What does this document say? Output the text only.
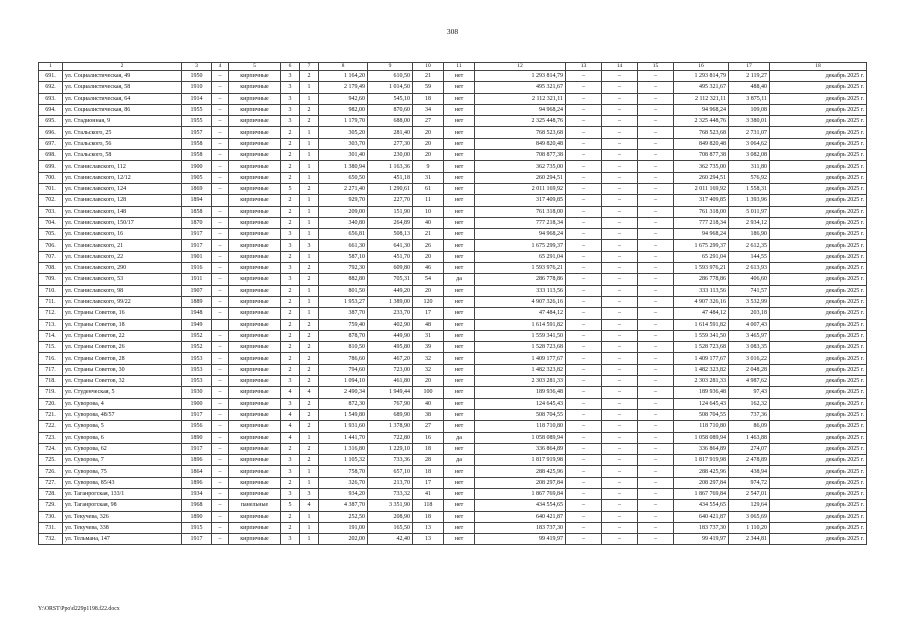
308
1	2	3	4	5	6	7	8	9	10	11	12	13	14	15	16	17	18
691.	ул. Социалистическая, 49	1950	–	кирпичные	3	2	1 164,20	610,50	21	нет	1 293 814,79	–	–	–	1 293 814,79	2 119,27	декабрь 2025 г.
692.	ул. Социалистическая, 58	1910	–	кирпичные	3	1	2 179,49	1 014,50	59	нет	495 321,67	–	–	–	495 321,67	488,40	декабрь 2025 г.
693.	ул. Социалистическая, 64	1914	–	кирпичные	3	1	942,60	545,10	18	нет	2 112 321,11	–	–	–	2 112 321,11	3 875,11	декабрь 2025 г.
694.	ул. Социалистическая, 86	1955	–	кирпичные	3	2	982,00	870,60	34	нет	94 968,24	–	–	–	94 968,24	109,08	декабрь 2025 г.
695.	ул. Стадионная, 9	1955	–	кирпичные	3	2	1 179,70	688,00	27	нет	2 325 448,76	–	–	–	2 325 448,76	3 380,01	декабрь 2025 г.
696.	ул. Стальского, 25	1957	–	кирпичные	2	1	305,20	281,40	20	нет	768 523,68	–	–	–	768 523,68	2 731,07	декабрь 2025 г.
697.	ул. Стальского, 56	1958	–	кирпичные	2	1	303,70	277,30	20	нет	849 820,48	–	–	–	849 820,48	3 064,62	декабрь 2025 г.
698.	ул. Стальского, 58	1958	–	кирпичные	2	1	301,40	230,00	20	нет	708 877,38	–	–	–	708 877,38	3 082,08	декабрь 2025 г.
699.	ул. Станиславского, 112	1900	–	кирпичные	2	1	1 380,94	1 163,36	9	нет	362 735,00	–	–	–	362 735,00	311,80	декабрь 2025 г.
700.	ул. Станиславского, 12/12	1905	–	кирпичные	2	1	650,50	451,18	31	нет	260 294,51	–	–	–	260 294,51	576,92	декабрь 2025 г.
701.	ул. Станиславского, 124	1869	–	кирпичные	5	2	2 271,40	1 290,61	61	нет	2 011 169,92	–	–	–	2 011 169,92	1 558,31	декабрь 2025 г.
702.	ул. Станиславского, 128	1894		кирпичные	2	1	929,70	227,70	11	нет	317 409,85	–	–	–	317 409,85	1 393,96	декабрь 2025 г.
703.	ул. Станиславского, 148	1858	–	кирпичные	2	1	209,00	151,90	10	нет	761 318,00	–	–	–	761 318,00	5 011,97	декабрь 2025 г.
704.	ул. Станиславского, 150/17	1870	–	кирпичные	2	1	340,80	264,89	40	нет	777 218,34	–	–	–	777 218,34	2 934,12	декабрь 2025 г.
705.	ул. Станиславского, 16	1917	–	кирпичные	3	1	656,81	508,13	21	нет	94 968,24	–	–	–	94 968,24	186,90	декабрь 2025 г.
706.	ул. Станиславского, 21	1917	–	кирпичные	3	3	661,30	641,30	26	нет	1 675 299,37	–	–	–	1 675 299,37	2 612,35	декабрь 2025 г.
707.	ул. Станиславского, 22	1901	–	кирпичные	2	1	587,10	451,70	20	нет	65 291,04	–	–	–	65 291,04	144,55	декабрь 2025 г.
708.	ул. Станиславского, 290	1916	–	кирпичные	3	2	792,30	609,80	46	нет	1 593 976,21	–	–	–	1 593 976,21	2 613,93	декабрь 2025 г.
709.	ул. Станиславского, 53	1911	–	кирпичные	3	2	882,80	705,31	54	да	286 778,86	–	–	–	286 778,86	406,60	декабрь 2025 г.
710.	ул. Станиславского, 98	1907	–	кирпичные	2	1	801,50	449,20	20	нет	333 113,56	–	–	–	333 113,56	741,57	декабрь 2025 г.
711.	ул. Станиславского, 99/22	1889	–	кирпичные	2	1	1 953,27	1 389,00	120	нет	4 907 326,16	–	–	–	4 907 326,16	3 532,99	декабрь 2025 г.
712.	ул. Страны Советов, 16	1948	–	кирпичные	2	1	387,70	233,70	17	нет	47 484,12	–	–	–	47 484,12	203,18	декабрь 2025 г.
713.	ул. Страны Советов, 18	1949		кирпичные	2	2	759,40	402,90	48	нет	1 614 591,82	–	–	–	1 614 591,82	4 007,43	декабрь 2025 г.
714.	ул. Страны Советов, 22	1952	–	кирпичные	2	2	878,70	449,90	31	нет	1 559 341,50	–	–	–	1 559 341,50	3 465,97	декабрь 2025 г.
715.	ул. Страны Советов, 26	1952	–	кирпичные	2	2	810,50	495,80	39	нет	1 528 723,68	–	–	–	1 528 723,68	3 083,35	декабрь 2025 г.
716.	ул. Страны Советов, 28	1953	–	кирпичные	2	2	786,60	467,20	32	нет	1 409 177,67	–	–	–	1 409 177,67	3 016,22	декабрь 2025 г.
717.	ул. Страны Советов, 30	1953	–	кирпичные	2	2	794,60	723,00	32	нет	1 482 323,82	–	–	–	1 482 323,82	2 048,28	декабрь 2025 г.
718.	ул. Страны Советов, 32	1953	–	кирпичные	3	2	1 094,10	461,80	20	нет	2 303 281,33	–	–	–	2 303 281,33	4 987,62	декабрь 2025 г.
719.	ул. Студенческая, 5	1930	–	кирпичные	4	4	2 490,34	1 949,44	100	нет	189 936,48	–	–	–	189 936,48	97,43	декабрь 2025 г.
720.	ул. Суворова, 4	1900	–	кирпичные	3	2	872,30	767,90	40	нет	124 645,43	–	–	–	124 645,43	162,32	декабрь 2025 г.
721.	ул. Суворова, 48/57	1917	–	кирпичные	4	2	1 549,80	689,90	38	нет	508 704,55	–	–	–	508 704,55	737,36	декабрь 2025 г.
722.	ул. Суворова, 5	1956	–	кирпичные	4	2	1 931,60	1 378,90	27	нет	118 710,80	–	–	–	118 710,80	86,09	декабрь 2025 г.
723.	ул. Суворова, 6	1890	–	кирпичные	4	1	1 441,70	722,80	16	да	1 058 089,94	–	–	–	1 058 089,94	1 463,88	декабрь 2025 г.
724.	ул. Суворова, 62	1917	–	кирпичные	2	2	1 316,80	1 229,10	18	нет	336 864,89	–	–	–	336 864,89	274,07	декабрь 2025 г.
725.	ул. Суворова, 7	1896	–	кирпичные	3	2	1 105,32	733,36	28	да	1 817 919,98	–	–	–	1 817 919,98	2 478,89	декабрь 2025 г.
726.	ул. Суворова, 75	1864	–	кирпичные	3	1	758,70	657,10	18	нет	288 425,96	–	–	–	288 425,96	438,94	декабрь 2025 г.
727.	ул. Суворова, 85/43	1896	–	кирпичные	2	1	326,70	213,70	17	нет	208 297,84	–	–	–	208 297,84	974,72	декабрь 2025 г.
728.	ул. Таганрогская, 133/1	1934	–	кирпичные	3	3	934,20	733,32	41	нет	1 867 769,84	–	–	–	1 867 769,84	2 547,01	декабрь 2025 г.
729.	ул. Таганрогская, 98	1968	–	панельные	5	4	4 387,70	3 351,90	118	нет	434 554,65	–	–	–	434 554,65	129,64	декабрь 2025 г.
730.	ул. Текучева, 326	1890	–	кирпичные	2	1	252,50	208,90	18	нет	640 421,87	–	–	–	640 421,87	3 065,69	декабрь 2025 г.
731.	ул. Текучева, 338	1915	–	кирпичные	2	1	191,00	165,50	13	нет	183 737,30	–	–	–	183 737,30	1 110,20	декабрь 2025 г.
732.	ул. Тельмана, 147	1917	–	кирпичные	3	1	202,00	42,40	13	нет	99 419,97	–	–	–	99 419,97	2 344,81	декабрь 2025 г.
Y:\ORST\Ppo\d229p1198.f22.docx
